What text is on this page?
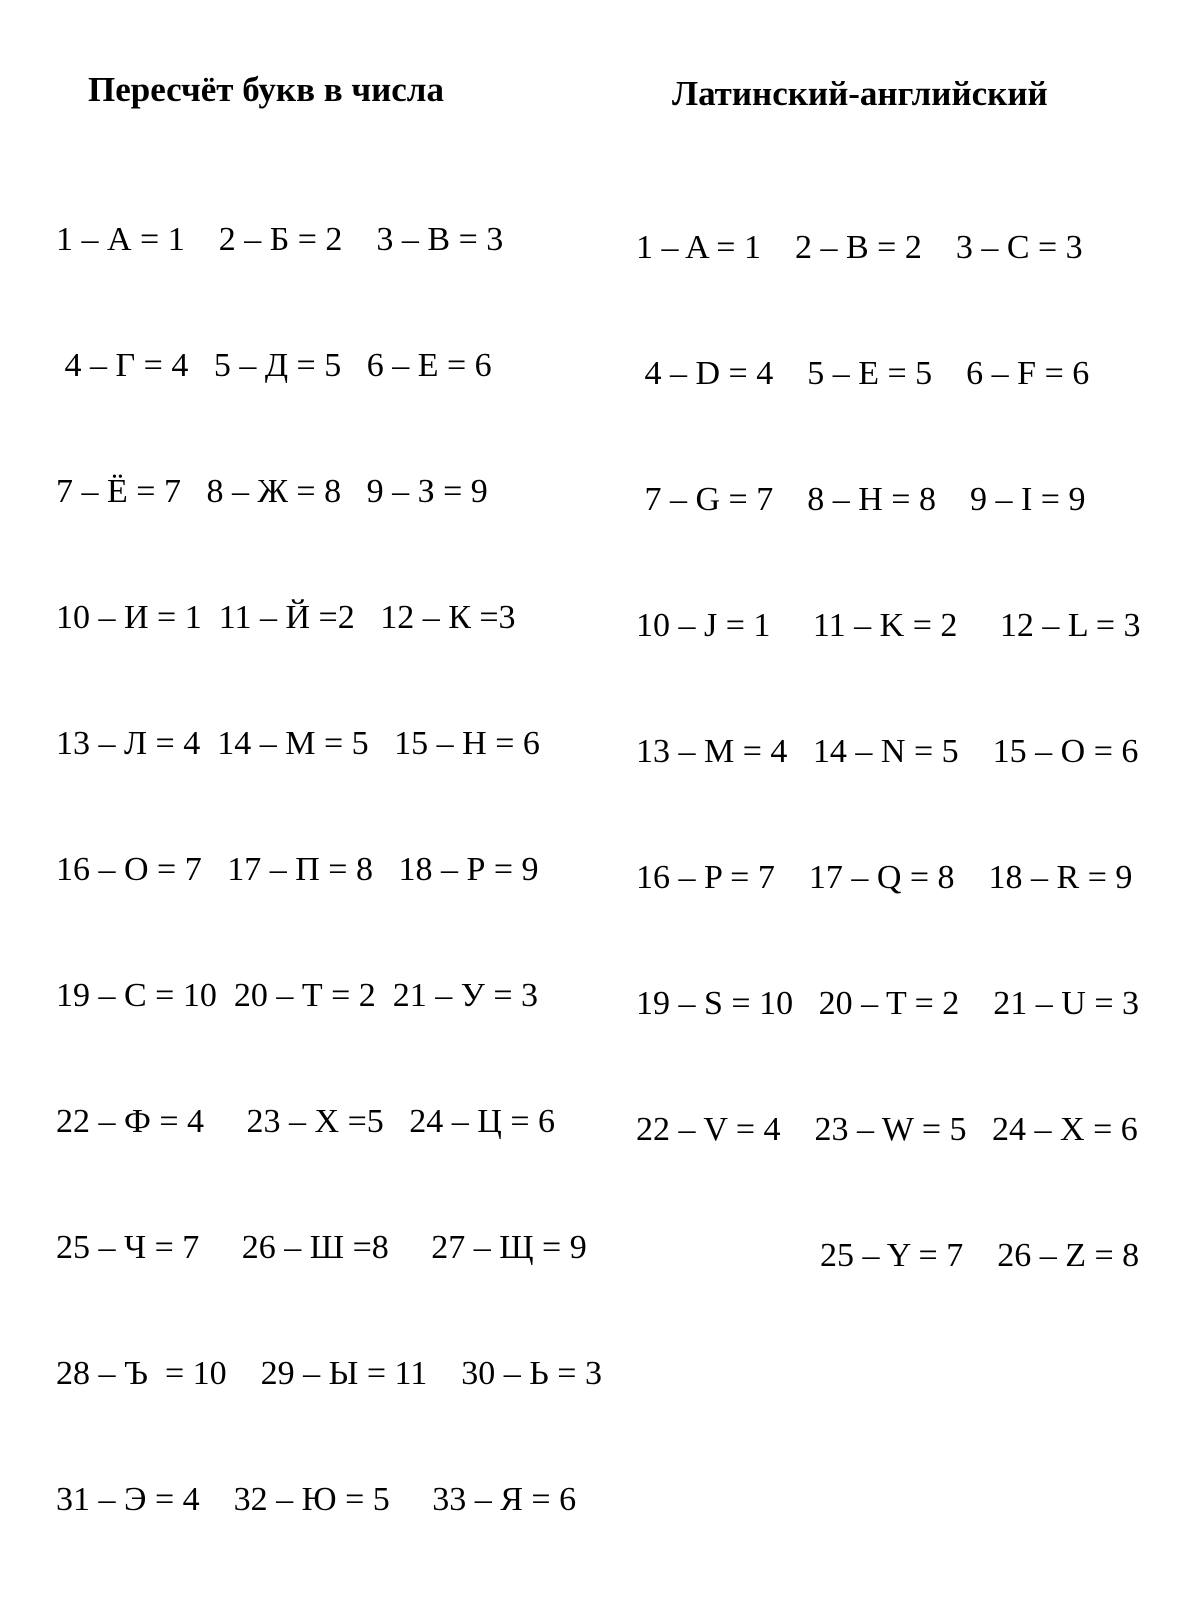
Пересчёт букв в числа

1 – А = 1    2 – Б = 2    3 – В = 3

4 – Г = 4   5 – Д = 5   6 – Е = 6

7 – Ё = 7   8 – Ж = 8   9 – З = 9

10 – И = 1  11 – Й =2   12 – К =3

13 – Л = 4  14 – М = 5   15 – Н = 6

16 – О = 7   17 – П = 8   18 – Р = 9

19 – С = 10  20 – Т = 2  21 – У = 3

22 – Ф = 4     23 – Х =5   24 – Ц = 6

25 – Ч = 7     26 – Ш =8     27 – Щ = 9

28 – Ъ  = 10    29 – Ы = 11    30 – Ь = 3

31 – Э = 4    32 – Ю = 5     33 – Я = 6

Латинский-английский

1 – A = 1    2 – B = 2    3 – C = 3

4 – D = 4    5 – E = 5    6 – F = 6

7 – G = 7    8 – H = 8    9 – I = 9

10 – J = 1     11 – K = 2     12 – L = 3

13 – M = 4   14 – N = 5    15 – O = 6

16 – P = 7    17 – Q = 8    18 – R = 9

19 – S = 10   20 – T = 2    21 – U = 3

22 – V = 4    23 – W = 5   24 – X = 6

25 – Y = 7    26 – Z = 8
